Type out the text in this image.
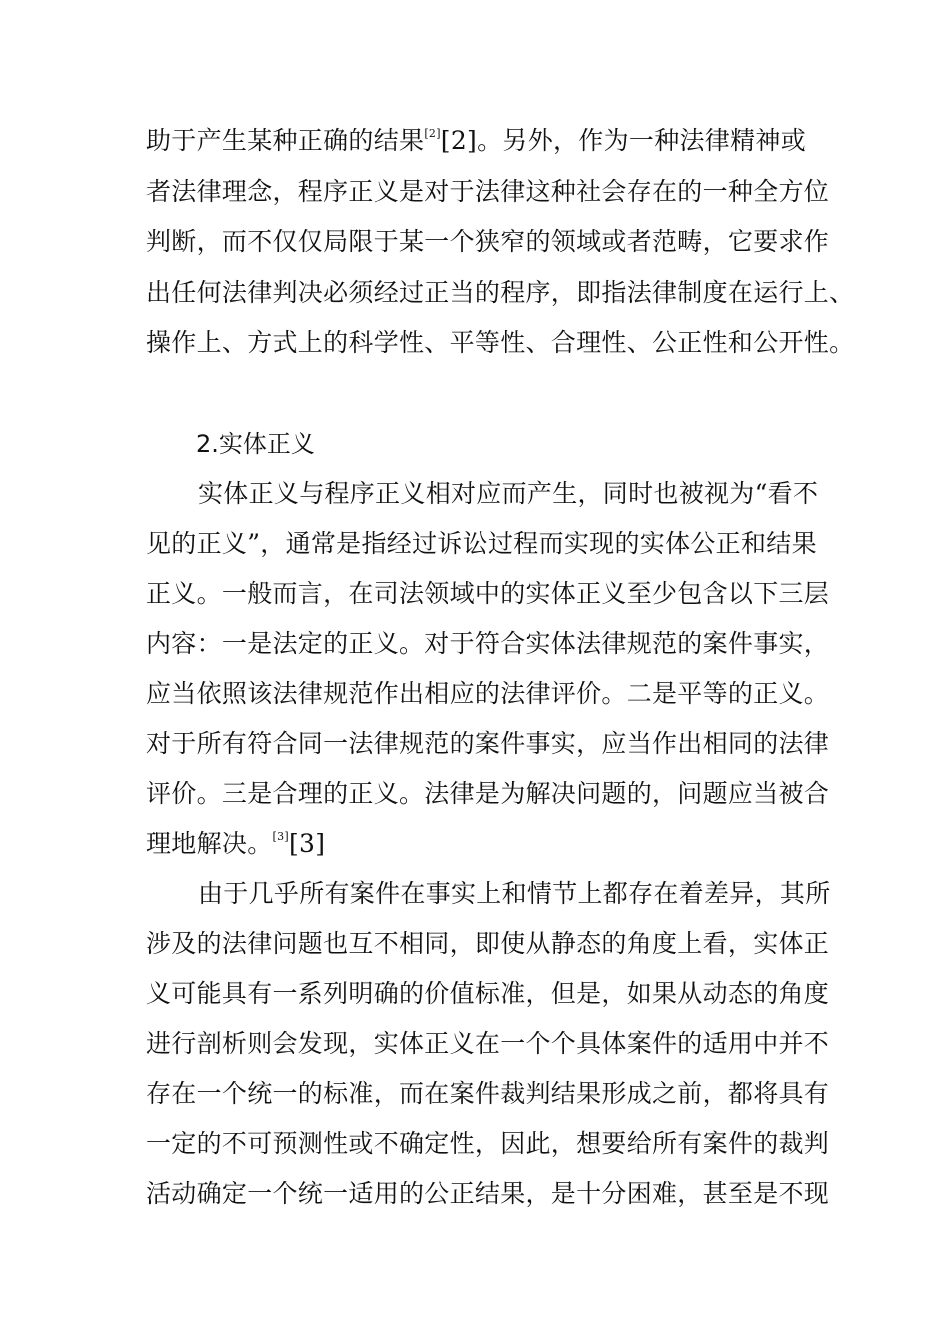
助于产生某种正确的结果[2][2]。另外，作为一种法律精神或
者法律理念，程序正义是对于法律这种社会存在的一种全方位
判断，而不仅仅局限于某一个狭窄的领域或者范畴，它要求作
出任何法律判决必须经过正当的程序，即指法律制度在运行上、
操作上、方式上的科学性、平等性、合理性、公正性和公开性。
2.实体正义
实体正义与程序正义相对应而产生，同时也被视为“看不
见的正义”，通常是指经过诉讼过程而实现的实体公正和结果
正义。一般而言，在司法领域中的实体正义至少包含以下三层
内容：一是法定的正义。对于符合实体法律规范的案件事实，
应当依照该法律规范作出相应的法律评价。二是平等的正义。
对于所有符合同一法律规范的案件事实，应当作出相同的法律
评价。三是合理的正义。法律是为解决问题的，问题应当被合
理地解决。[3][3]
由于几乎所有案件在事实上和情节上都存在着差异，其所
涉及的法律问题也互不相同，即使从静态的角度上看，实体正
义可能具有一系列明确的价值标准，但是，如果从动态的角度
进行剖析则会发现，实体正义在一个个具体案件的适用中并不
存在一个统一的标准，而在案件裁判结果形成之前，都将具有
一定的不可预测性或不确定性，因此，想要给所有案件的裁判
活动确定一个统一适用的公正结果，是十分困难，甚至是不现
